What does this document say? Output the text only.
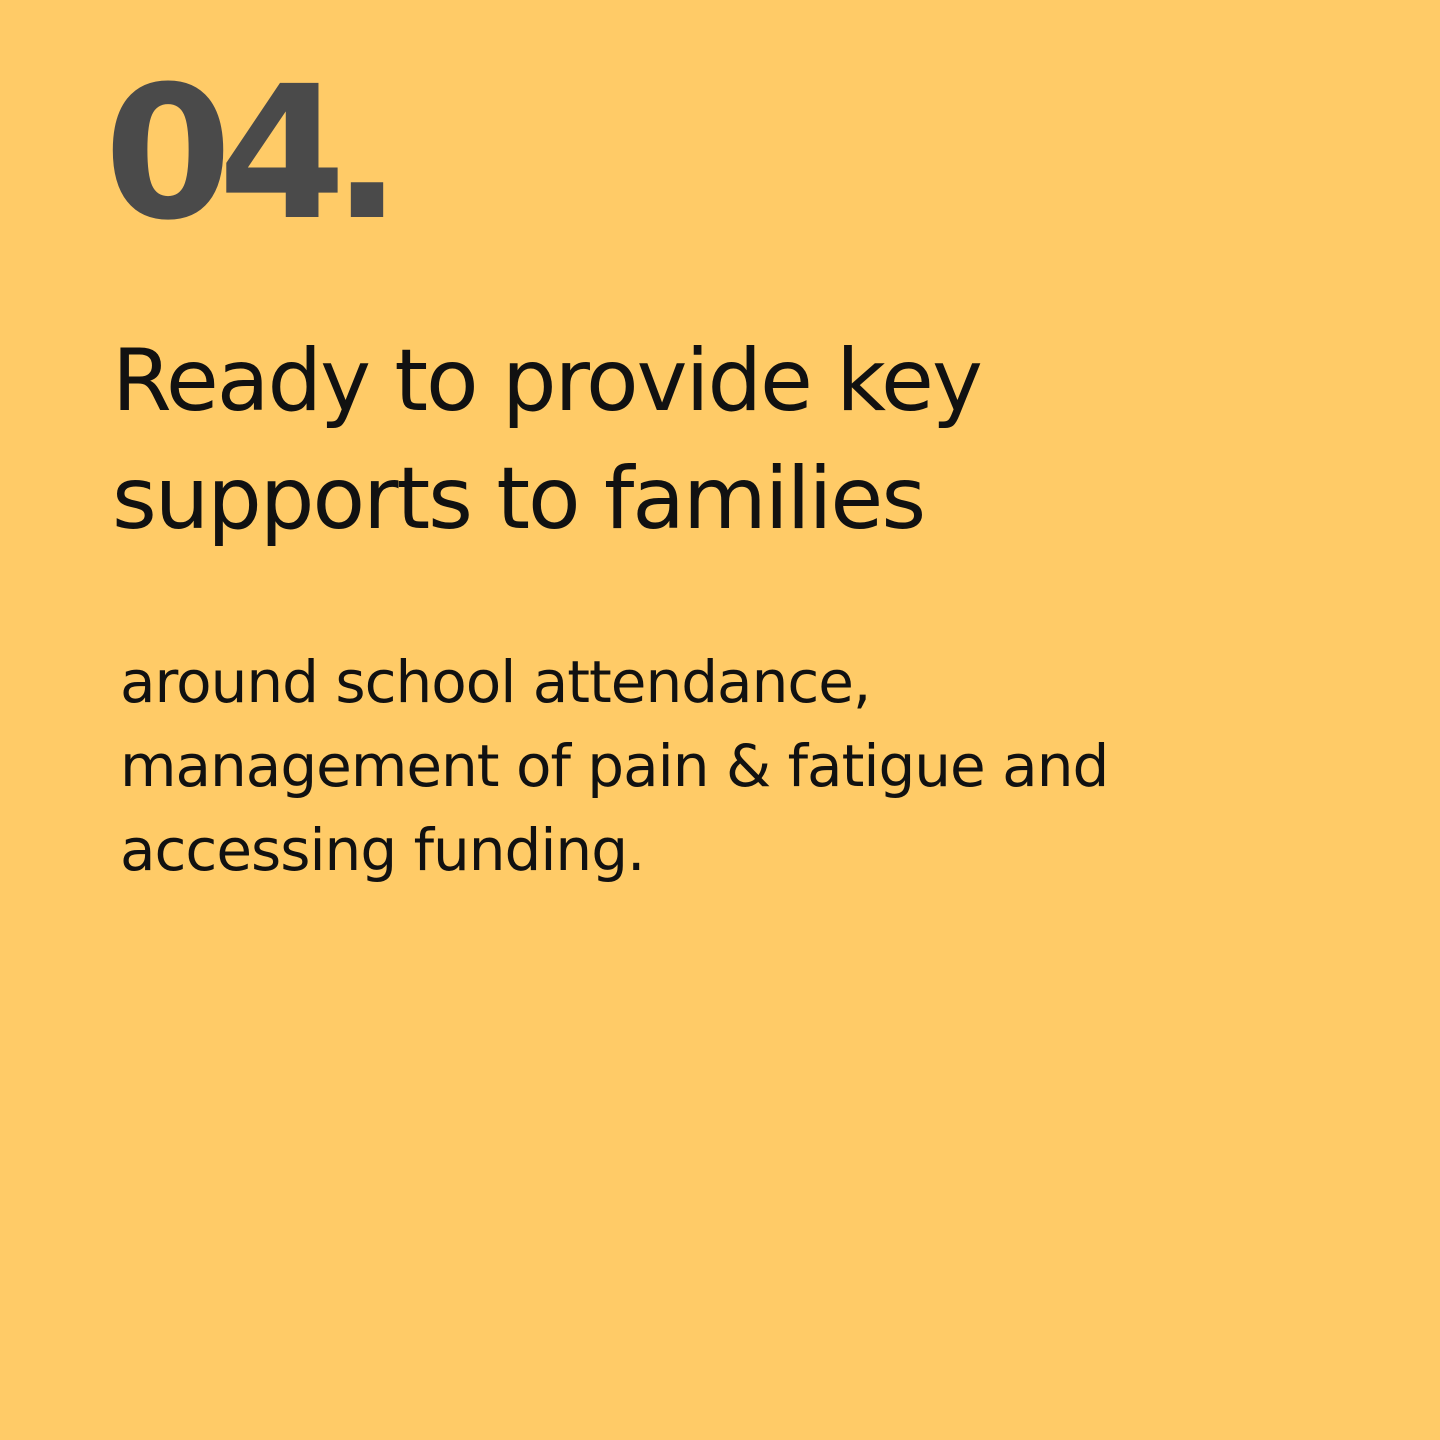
04.
Ready to provide key
supports to families

around school attendance,
management of pain & fatigue and
accessing funding.
